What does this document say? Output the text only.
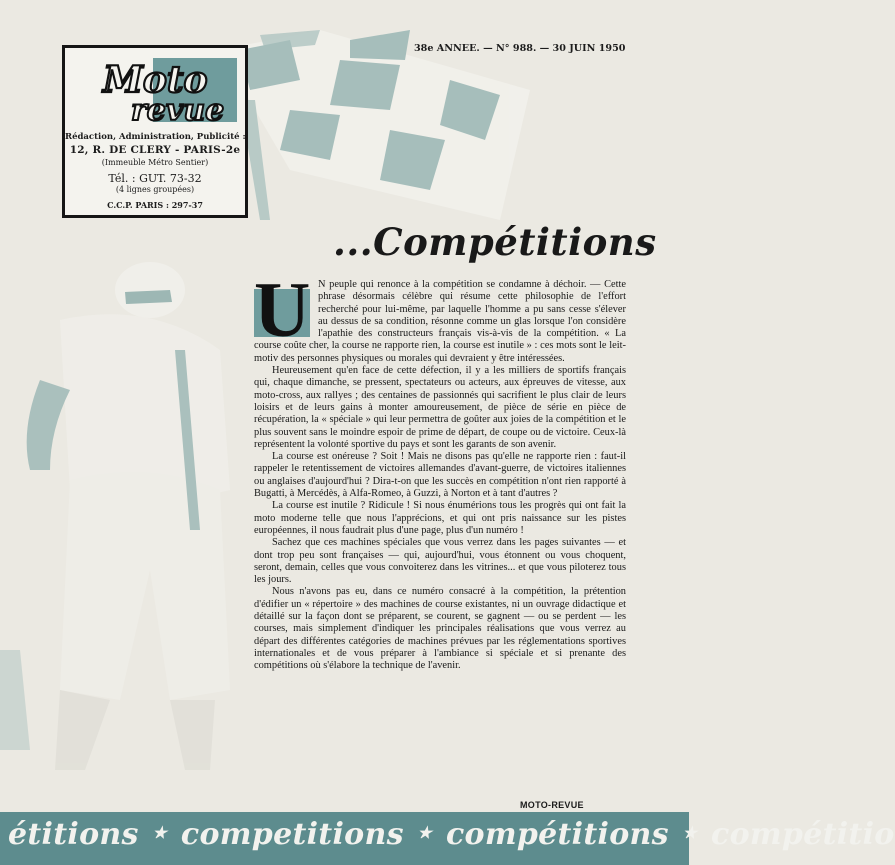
Moto
revue
Rédaction, Administration, Publicité :
12, R. DE CLERY - PARIS-2e
(Immeuble Métro Sentier)
Tél. : GUT. 73-32
(4 lignes groupées)
C.C.P. PARIS : 297-37
38e ANNEE. — N° 988. — 30 JUIN 1950
...Compétitions
U N peuple qui renonce à la compétition se condamne à déchoir. — Cette phrase désormais célèbre qui résume cette philosophie de l'effort recherché pour lui-même, par laquelle l'homme a pu sans cesse s'élever au dessus de sa condition, résonne comme un glas lorsque l'on considère l'apathie des constructeurs français vis-à-vis de la compétition. « La course coûte cher, la course ne rapporte rien, la course est inutile » : ces mots sont le leit-motiv des personnes physiques ou morales qui devraient y être intéressées.

Heureusement qu'en face de cette défection, il y a les milliers de sportifs français qui, chaque dimanche, se pressent, spectateurs ou acteurs, aux épreuves de vitesse, aux moto-cross, aux rallyes ; des centaines de passionnés qui sacrifient le plus clair de leurs loisirs et de leurs gains à monter amoureusement, de pièce de série en pièce de récupération, la « spéciale » qui leur permettra de goûter aux joies de la compétition et le plus souvent sans le moindre espoir de prime de départ, de coupe ou de victoire. Ceux-là représentent la volonté sportive du pays et sont les garants de son avenir.

La course est onéreuse ? Soit ! Mais ne disons pas qu'elle ne rapporte rien : faut-il rappeler le retentissement de victoires allemandes d'avant-guerre, de victoires italiennes ou anglaises d'aujourd'hui ? Dira-t-on que les succès en compétition n'ont rien rapporté à Bugatti, à Mercédès, à Alfa-Romeo, à Guzzi, à Norton et à tant d'autres ?

La course est inutile ? Ridicule ! Si nous énumérions tous les progrès qui ont fait la moto moderne telle que nous l'apprécions, et qui ont pris naissance sur les pistes européennes, il nous faudrait plus d'une page, plus d'un numéro !

Sachez que ces machines spéciales que vous verrez dans les pages suivantes — et dont trop peu sont françaises — qui, aujourd'hui, vous étonnent ou vous choquent, seront, demain, celles que vous convoiterez dans les vitrines... et que vous piloterez tous les jours.

Nous n'avons pas eu, dans ce numéro consacré à la compétition, la prétention d'édifier un « répertoire » des machines de course existantes, ni un ouvrage didactique et détaillé sur la façon dont se préparent, se courent, se gagnent — ou se perdent — les courses, mais simplement d'indiquer les principales réalisations que vous verrez au départ des différentes catégories de machines prévues par les réglementations sportives internationales et de vous préparer à l'ambiance si spéciale et si prenante des compétitions où s'élabore la technique de l'avenir.

MOTO-REVUE
étitions ★ competitions ★ compétitions ★ compétitio
